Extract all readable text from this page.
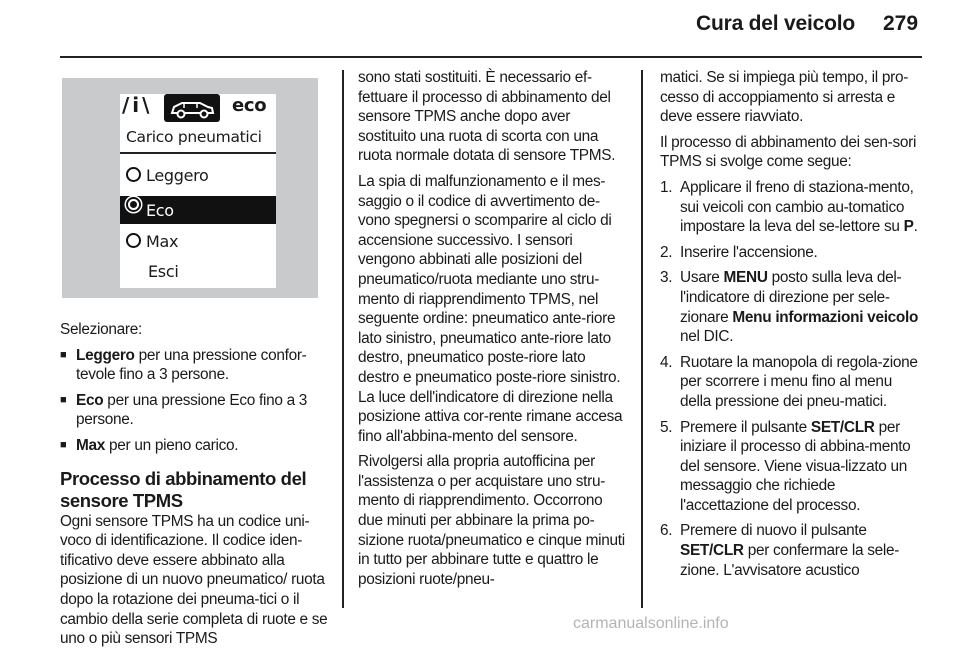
Cura del veicolo 279
/ i \	eco
Carico pneumatici
Leggero
Eco
Max
Esci

Selezionare:

■ Leggero per una pressione confor-tevole fino a 3 persone.
■ Eco per una pressione Eco fino a 3 persone.
■ Max per un pieno carico.
Processo di abbinamento del sensore TPMS

Ogni sensore TPMS ha un codice uni-voco di identificazione. Il codice iden-tificativo deve essere abbinato alla posizione di un nuovo pneumatico/ ruota dopo la rotazione dei pneuma-tici o il cambio della serie completa di ruote e se uno o più sensori TPMS

sono stati sostituiti. È necessario ef-fettuare il processo di abbinamento del sensore TPMS anche dopo aver sostituito una ruota di scorta con una ruota normale dotata di sensore TPMS.

La spia di malfunzionamento e il mes-saggio o il codice di avvertimento de-vono spegnersi o scomparire al ciclo di accensione successivo. I sensori vengono abbinati alle posizioni del pneumatico/ruota mediante uno stru-mento di riapprendimento TPMS, nel seguente ordine: pneumatico ante-riore lato sinistro, pneumatico ante-riore lato destro, pneumatico poste-riore lato destro e pneumatico poste-riore sinistro. La luce dell'indicatore di direzione nella posizione attiva cor-rente rimane accesa fino all'abbina-mento del sensore.

Rivolgersi alla propria autofficina per l'assistenza o per acquistare uno stru-mento di riapprendimento. Occorrono due minuti per abbinare la prima po-sizione ruota/pneumatico e cinque minuti in tutto per abbinare tutte e quattro le posizioni ruote/pneu-

matici. Se si impiega più tempo, il pro-cesso di accoppiamento si arresta e deve essere riavviato.

Il processo di abbinamento dei sen-sori TPMS si svolge come segue:

1. Applicare il freno di staziona-mento, sui veicoli con cambio au-tomatico impostare la leva del se-lettore su P.
2. Inserire l'accensione.
3. Usare MENU posto sulla leva del-l'indicatore di direzione per sele-zionare Menu informazioni veicolo nel DIC.
4. Ruotare la manopola di regola-zione per scorrere i menu fino al menu della pressione dei pneu-matici.
5. Premere il pulsante SET/CLR per iniziare il processo di abbina-mento del sensore. Viene visua-lizzato un messaggio che richiede l'accettazione del processo.
6. Premere di nuovo il pulsante SET/CLR per confermare la sele-zione. L'avvisatore acustico
carmanualsonline.info
